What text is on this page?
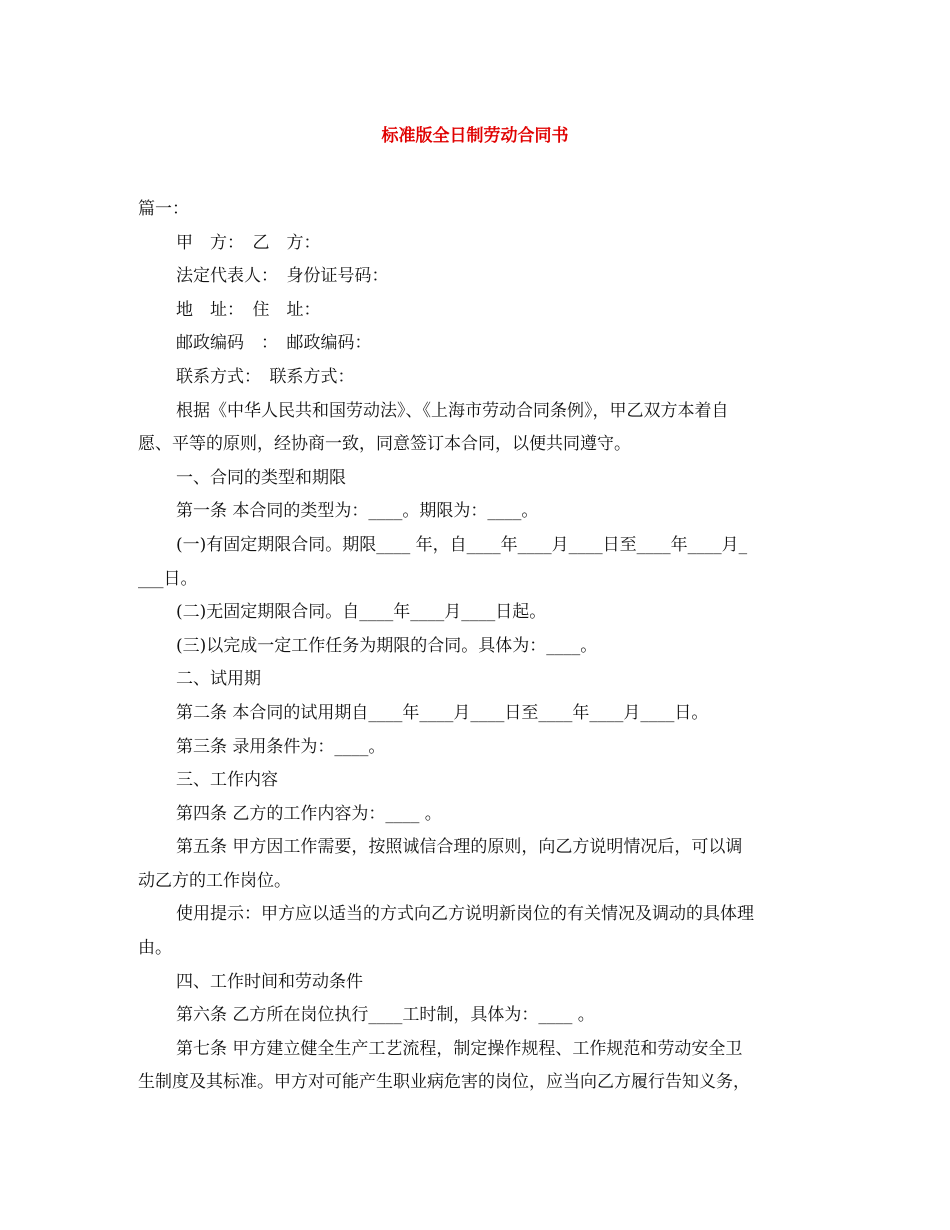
标准版全日制劳动合同书
篇一：
甲　方：　乙　方：
法定代表人：　身份证号码：
地　址：　住　址：
邮政编码　：　邮政编码：
联系方式：　联系方式：
根据《中华人民共和国劳动法》、《上海市劳动合同条例》，甲乙双方本着自
愿、平等的原则，经协商一致，同意签订本合同，以便共同遵守。
一、合同的类型和期限
第一条 本合同的类型为：____。期限为：____。
(一)有固定期限合同。期限____ 年，自____年____月____日至____年____月_
___日。
(二)无固定期限合同。自____年____月____日起。
(三)以完成一定工作任务为期限的合同。具体为：____。
二、试用期
第二条 本合同的试用期自____年____月____日至____年____月____日。
第三条 录用条件为：____。
三、工作内容
第四条 乙方的工作内容为：____ 。
第五条 甲方因工作需要，按照诚信合理的原则，向乙方说明情况后，可以调
动乙方的工作岗位。
使用提示：甲方应以适当的方式向乙方说明新岗位的有关情况及调动的具体理
由。
四、工作时间和劳动条件
第六条 乙方所在岗位执行____工时制，具体为：____ 。
第七条 甲方建立健全生产工艺流程，制定操作规程、工作规范和劳动安全卫
生制度及其标准。甲方对可能产生职业病危害的岗位，应当向乙方履行告知义务，
